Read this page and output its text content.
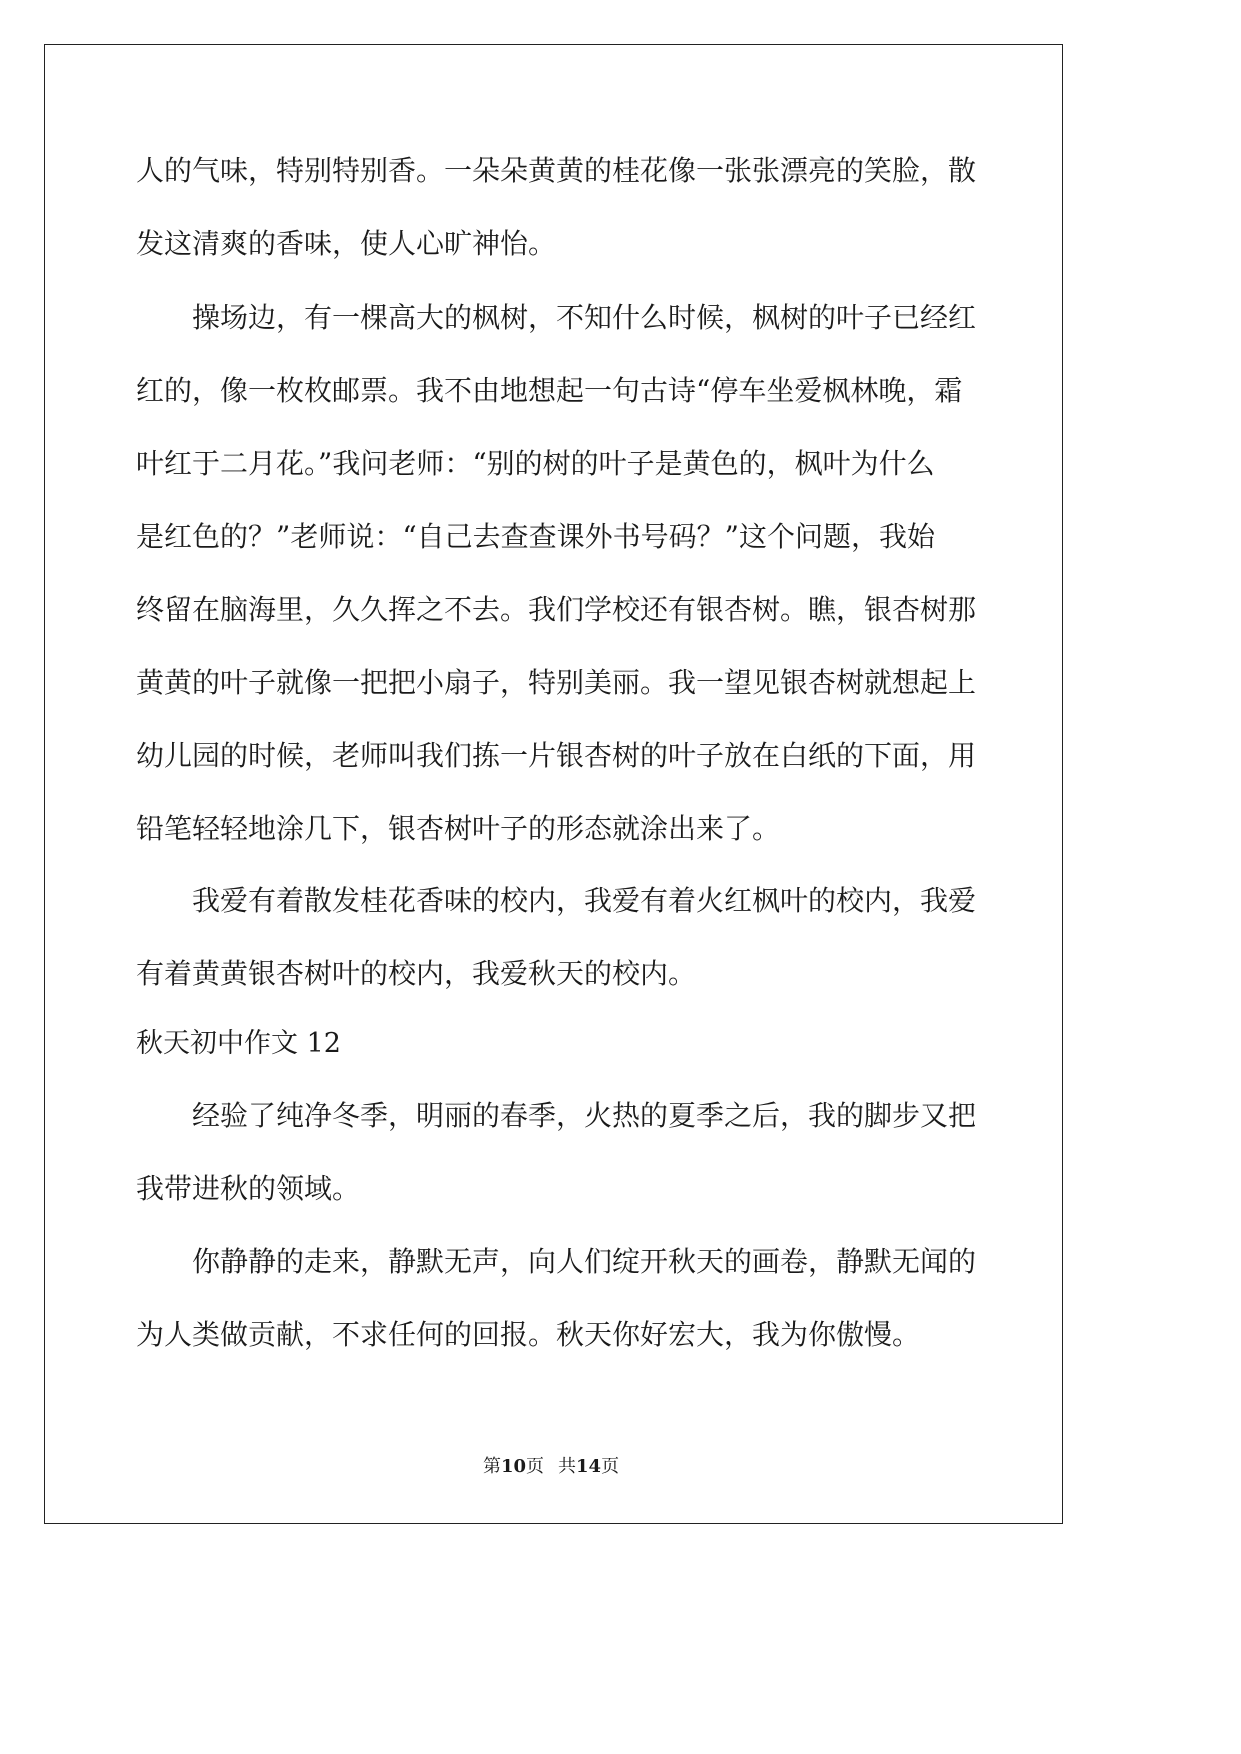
人的气味，特别特别香。一朵朵黄黄的桂花像一张张漂亮的笑脸，散

发这清爽的香味，使人心旷神怡。

操场边，有一棵高大的枫树，不知什么时候，枫树的叶子已经红

红的，像一枚枚邮票。我不由地想起一句古诗“停车坐爱枫林晚，霜

叶红于二月花。”我问老师：“别的树的叶子是黄色的，枫叶为什么

是红色的？”老师说：“自己去查查课外书号码？”这个问题，我始

终留在脑海里，久久挥之不去。我们学校还有银杏树。瞧，银杏树那

黄黄的叶子就像一把把小扇子，特别美丽。我一望见银杏树就想起上

幼儿园的时候，老师叫我们拣一片银杏树的叶子放在白纸的下面，用

铅笔轻轻地涂几下，银杏树叶子的形态就涂出来了。

我爱有着散发桂花香味的校内，我爱有着火红枫叶的校内，我爱

有着黄黄银杏树叶的校内，我爱秋天的校内。

秋天初中作文 12

经验了纯净冬季，明丽的春季，火热的夏季之后，我的脚步又把

我带进秋的领域。

你静静的走来，静默无声，向人们绽开秋天的画卷，静默无闻的

为人类做贡献，不求任何的回报。秋天你好宏大，我为你傲慢。

第10页 共14页
